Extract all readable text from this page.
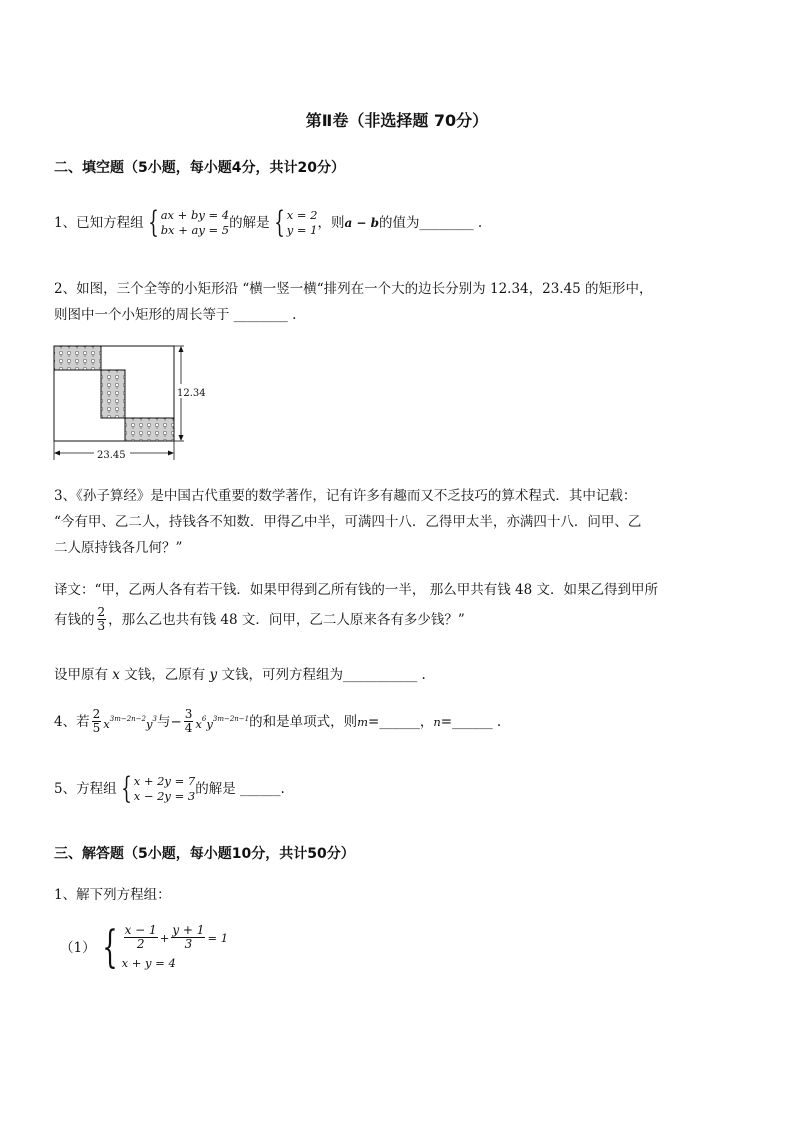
第Ⅱ卷（非选择题 70分）
二、填空题（5小题，每小题4分，共计20分）
1、已知方程组 { ax + by = 4
bx + ay = 5 的解是 { x = 2
y = 1 ，则 a − b 的值为________ .
2、如图，三个全等的小矩形沿 “横一竖一横“排列在一个大的边长分别为 12.34，23.45 的矩形中，
则图中一个小矩形的周长等于 ________ .
12.34
23.45
3、《孙子算经》是中国古代重要的数学著作，记有许多有趣而又不乏技巧的算术程式．其中记载：
“今有甲、乙二人，持钱各不知数．甲得乙中半，可满四十八．乙得甲太半，亦满四十八．问甲、乙
二人原持钱各几何？”
译文：“甲，乙两人各有若干钱．如果甲得到乙所有钱的一半， 那么甲共有钱 48 文．如果乙得到甲所
有钱的 $\frac{2}{3}$ ，那么乙也共有钱 48 文．问甲，乙二人原来各有多少钱？”
设甲原有 x 文钱，乙原有 y 文钱，可列方程组为___________ .
4、若 $\frac{2}{5} x^{3m-2n-2}y^3$ 与 − $\frac{3}{4} x^6y^{3m-2n-1}$ 的和是单项式，则 m =______， n =______ .
5、方程组 { x + 2y = 7
x − 2y = 3 的解是 ______.
三、解答题（5小题，每小题10分，共计50分）
1、解下列方程组：
（1） { $\frac{x - 1}{2} + \frac{y + 1}{3} = 1$
x + y = 4
